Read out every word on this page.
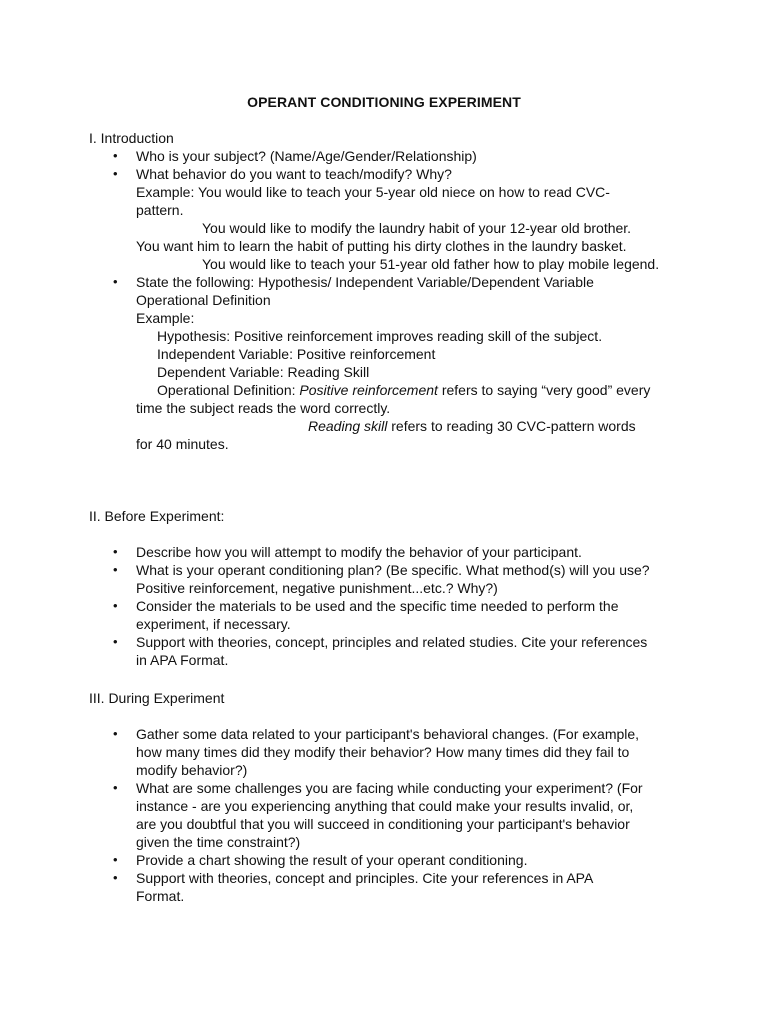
OPERANT CONDITIONING EXPERIMENT
I. Introduction
• Who is your subject? (Name/Age/Gender/Relationship)
• What behavior do you want to teach/modify? Why?
Example: You would like to teach your 5-year old niece on how to read CVC-pattern.
You would like to modify the laundry habit of your 12-year old brother.
You want him to learn the habit of putting his dirty clothes in the laundry basket.
You would like to teach your 51-year old father how to play mobile legend.
• State the following: Hypothesis/ Independent Variable/Dependent Variable Operational Definition
Example:
Hypothesis: Positive reinforcement improves reading skill of the subject.
Independent Variable: Positive reinforcement
Dependent Variable: Reading Skill
Operational Definition: Positive reinforcement refers to saying “very good” every time the subject reads the word correctly.
Reading skill refers to reading 30 CVC-pattern words
for 40 minutes.
II. Before Experiment:
• Describe how you will attempt to modify the behavior of your participant.
• What is your operant conditioning plan? (Be specific. What method(s) will you use? Positive reinforcement, negative punishment...etc.? Why?)
• Consider the materials to be used and the specific time needed to perform the experiment, if necessary.
• Support with theories, concept, principles and related studies. Cite your references in APA Format.
III. During Experiment
• Gather some data related to your participant's behavioral changes. (For example, how many times did they modify their behavior? How many times did they fail to modify behavior?)
• What are some challenges you are facing while conducting your experiment? (For instance - are you experiencing anything that could make your results invalid, or, are you doubtful that you will succeed in conditioning your participant's behavior given the time constraint?)
• Provide a chart showing the result of your operant conditioning.
• Support with theories, concept and principles. Cite your references in APA Format.
